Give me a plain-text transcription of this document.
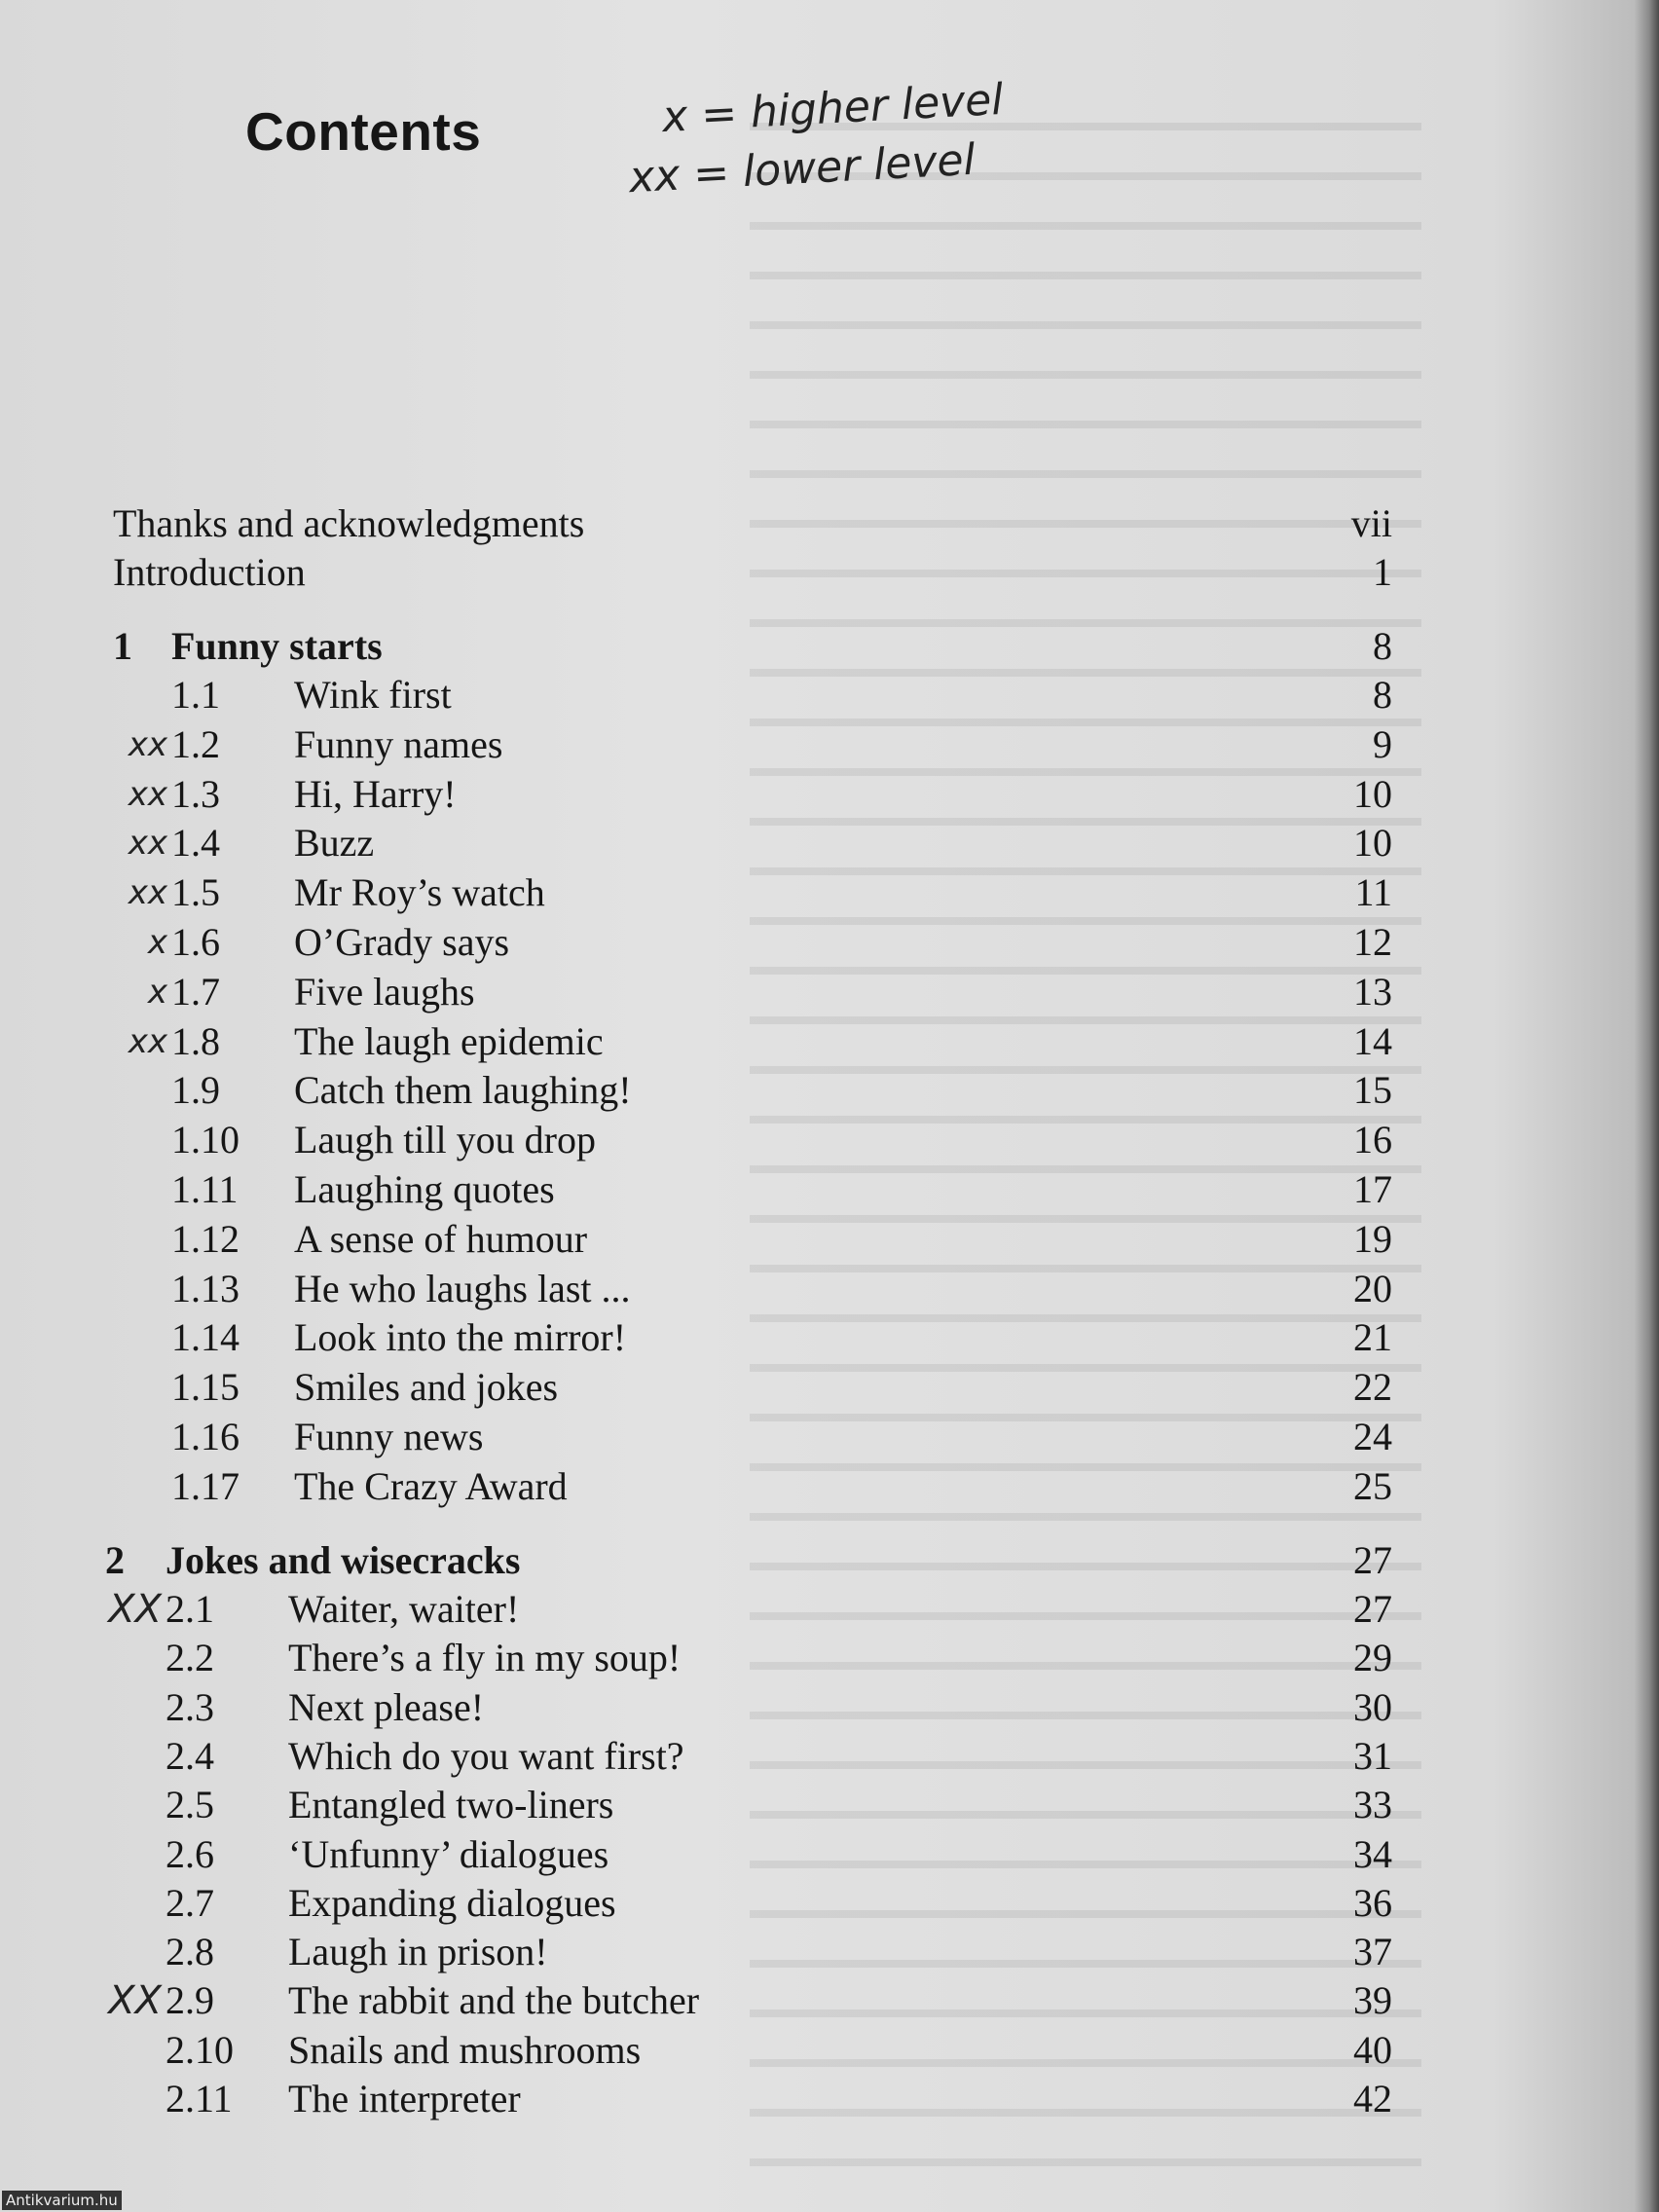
Contents	x = higher level
xx = lower level
Thanks and acknowledgments	vii
Introduction	1
1 Funny starts	8
1.1 Wink first	8
xx 1.2 Funny names	9
xx 1.3 Hi, Harry!	10
xx 1.4 Buzz	10
xx 1.5 Mr Roy’s watch	11
x 1.6 O’Grady says	12
x 1.7 Five laughs	13
xx 1.8 The laugh epidemic	14
1.9 Catch them laughing!	15
1.10 Laugh till you drop	16
1.11 Laughing quotes	17
1.12 A sense of humour	19
1.13 He who laughs last ...	20
1.14 Look into the mirror!	21
1.15 Smiles and jokes	22
1.16 Funny news	24
1.17 The Crazy Award	25
2 Jokes and wisecracks	27
XX 2.1 Waiter, waiter!	27
2.2 There’s a fly in my soup!	29
2.3 Next please!	30
2.4 Which do you want first?	31
2.5 Entangled two-liners	33
2.6 ‘Unfunny’ dialogues	34
2.7 Expanding dialogues	36
2.8 Laugh in prison!	37
XX 2.9 The rabbit and the butcher	39
2.10 Snails and mushrooms	40
2.11 The interpreter	42
Antikvarium.hu
